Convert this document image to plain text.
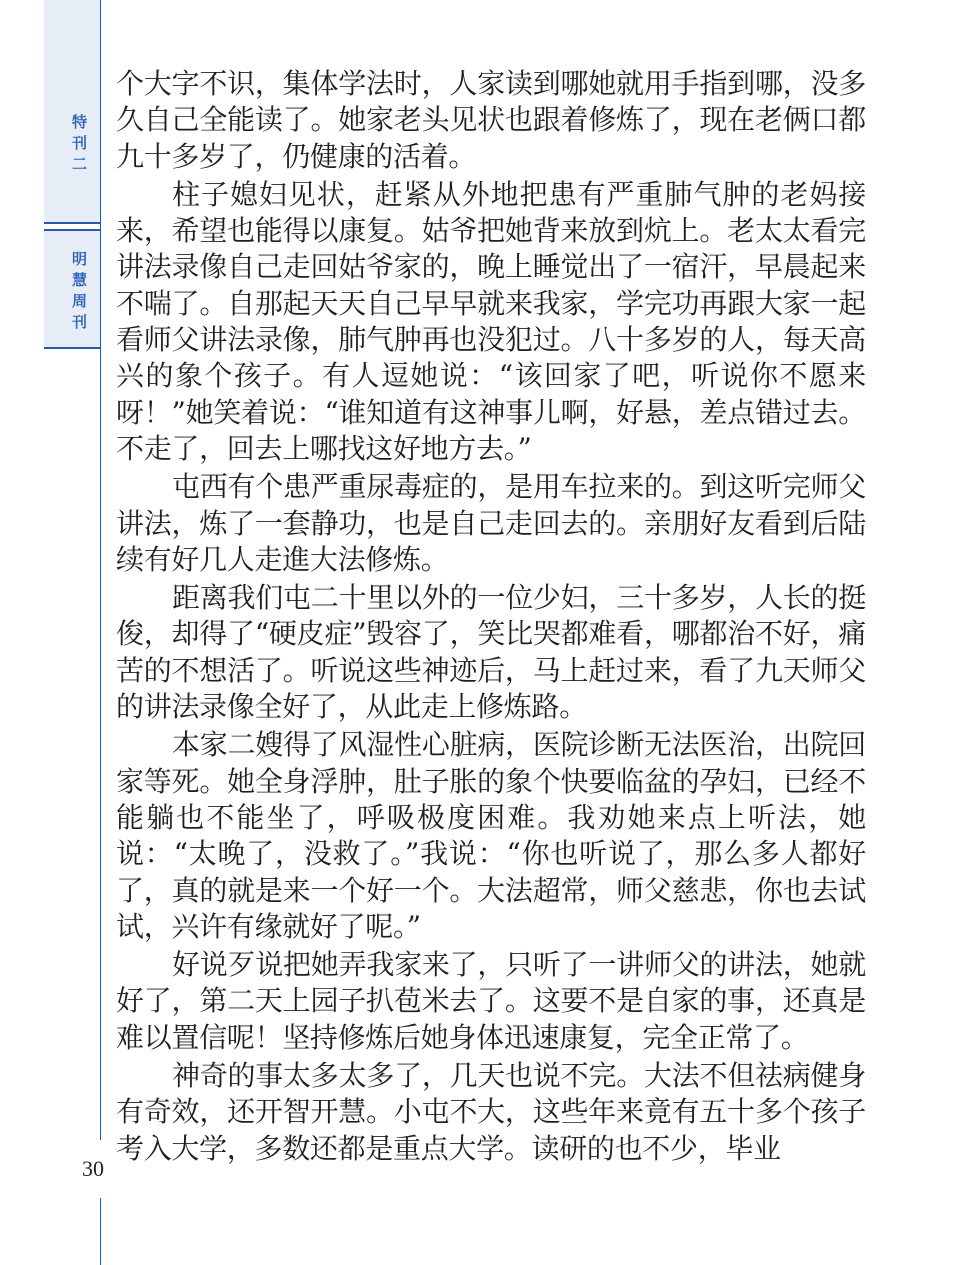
特刊二
明慧周刊
30

个大字不识，集体学法时，人家读到哪她就用手指到哪，没多久自己全能读了。她家老头见状也跟着修炼了，现在老俩口都九十多岁了，仍健康的活着。

柱子媳妇见状，赶紧从外地把患有严重肺气肿的老妈接来，希望也能得以康复。姑爷把她背来放到炕上。老太太看完讲法录像自己走回姑爷家的，晚上睡觉出了一宿汗，早晨起来不喘了。自那起天天自己早早就来我家，学完功再跟大家一起看师父讲法录像，肺气肿再也没犯过。八十多岁的人，每天高兴的象个孩子。有人逗她说：“该回家了吧，听说你不愿来呀！”她笑着说：“谁知道有这神事儿啊，好悬，差点错过去。不走了，回去上哪找这好地方去。”

屯西有个患严重尿毒症的，是用车拉来的。到这听完师父讲法，炼了一套静功，也是自己走回去的。亲朋好友看到后陆续有好几人走進大法修炼。

距离我们屯二十里以外的一位少妇，三十多岁，人长的挺俊，却得了“硬皮症”毁容了，笑比哭都难看，哪都治不好，痛苦的不想活了。听说这些神迹后，马上赶过来，看了九天师父的讲法录像全好了，从此走上修炼路。

本家二嫂得了风湿性心脏病，医院诊断无法医治，出院回家等死。她全身浮肿，肚子胀的象个快要临盆的孕妇，已经不能躺也不能坐了，呼吸极度困难。我劝她来点上听法，她说：“太晚了，没救了。”我说：“你也听说了，那么多人都好了，真的就是来一个好一个。大法超常，师父慈悲，你也去试试，兴许有缘就好了呢。”

好说歹说把她弄我家来了，只听了一讲师父的讲法，她就好了，第二天上园子扒苞米去了。这要不是自家的事，还真是难以置信呢！坚持修炼后她身体迅速康复，完全正常了。

神奇的事太多太多了，几天也说不完。大法不但祛病健身有奇效，还开智开慧。小屯不大，这些年来竟有五十多个孩子考入大学，多数还都是重点大学。读研的也不少，毕业
